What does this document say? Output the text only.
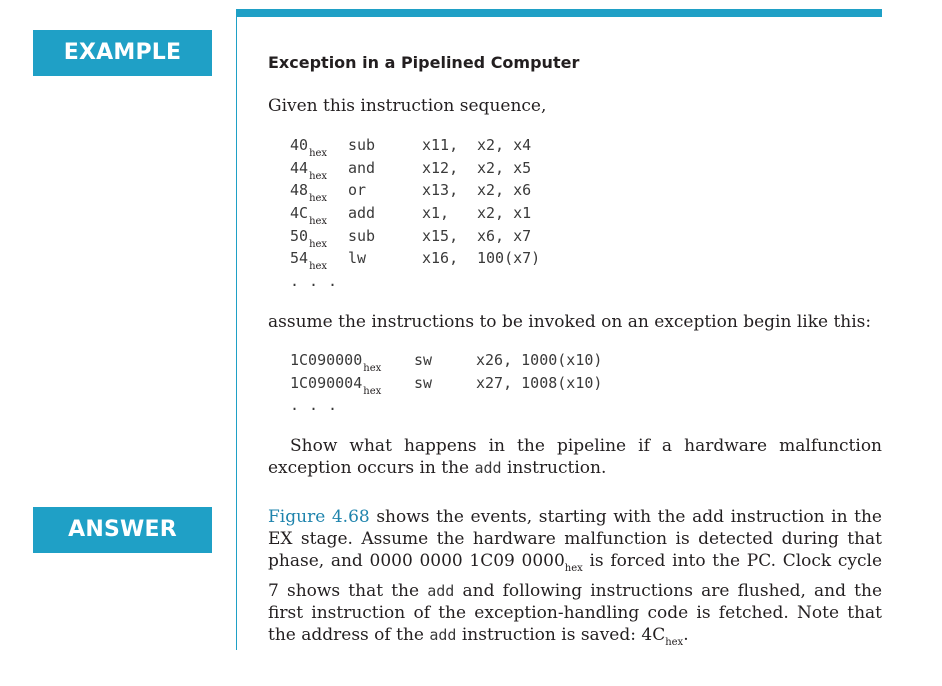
EXAMPLE
ANSWER
Exception in a Pipelined Computer
Given this instruction sequence,
$40_{hex}$ sub	x11, x2, x4
$44_{hex}$ and	x12, x2, x5
$48_{hex}$ or	x13, x2, x6
$4C_{hex}$ add	x1, x2, x1
$50_{hex}$ sub	x15, x6, x7
$54_{hex}$ lw	x16, 100(x7)
...
assume the instructions to be invoked on an exception begin like this:
$1C090000_{hex}$ sw	x26, 1000(x10)
$1C090004_{hex}$ sw	x27, 1008(x10)
...
Show what happens in the pipeline if a hardware malfunction exception occurs in the add instruction.
Figure 4.68 shows the events, starting with the add instruction in the EX stage. Assume the hardware malfunction is detected during that phase, and 0000 0000 1C09 $0000_{hex}$ is forced into the PC. Clock cycle 7 shows that the add and following instructions are flushed, and the first instruction of the exception-handling code is fetched. Note that the address of the add instruction is saved: $4C_{hex}$.
